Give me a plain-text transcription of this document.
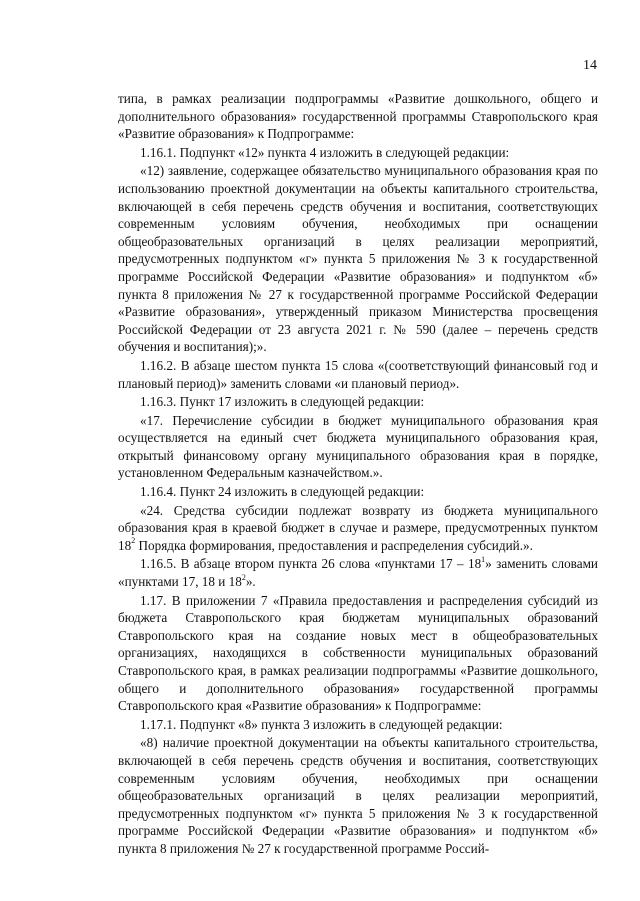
14

типа, в рамках реализации подпрограммы «Развитие дошкольного, общего и дополнительного образования» государственной программы Ставропольского края «Развитие образования» к Подпрограмме:

1.16.1. Подпункт «12» пункта 4 изложить в следующей редакции:

«12) заявление, содержащее обязательство муниципального образования края по использованию проектной документации на объекты капитального строительства, включающей в себя перечень средств обучения и воспитания, соответствующих современным условиям обучения, необходимых при оснащении общеобразовательных организаций в целях реализации мероприятий, предусмотренных подпунктом «г» пункта 5 приложения № 3 к государственной программе Российской Федерации «Развитие образования» и подпунктом «б» пункта 8 приложения № 27 к государственной программе Российской Федерации «Развитие образования», утвержденный приказом Министерства просвещения Российской Федерации от 23 августа 2021 г. № 590 (далее – перечень средств обучения и воспитания);».

1.16.2. В абзаце шестом пункта 15 слова «(соответствующий финансовый год и плановый период)» заменить словами «и плановый период».

1.16.3. Пункт 17 изложить в следующей редакции:

«17. Перечисление субсидии в бюджет муниципального образования края осуществляется на единый счет бюджета муниципального образования края, открытый финансовому органу муниципального образования края в порядке, установленном Федеральным казначейством.».

1.16.4. Пункт 24 изложить в следующей редакции:

«24. Средства субсидии подлежат возврату из бюджета муниципального образования края в краевой бюджет в случае и размере, предусмотренных пунктом $18^2$ Порядка формирования, предоставления и распределения субсидий.».

1.16.5. В абзаце втором пункта 26 слова «пунктами $17 - 18^1$» заменить словами «пунктами 17, 18 и $18^2$».

1.17. В приложении 7 «Правила предоставления и распределения субсидий из бюджета Ставропольского края бюджетам муниципальных образований Ставропольского края на создание новых мест в общеобразовательных организациях, находящихся в собственности муниципальных образований Ставропольского края, в рамках реализации подпрограммы «Развитие дошкольного, общего и дополнительного образования» государственной программы Ставропольского края «Развитие образования» к Подпрограмме:

1.17.1. Подпункт «8» пункта 3 изложить в следующей редакции:

«8) наличие проектной документации на объекты капитального строительства, включающей в себя перечень средств обучения и воспитания, соответствующих современным условиям обучения, необходимых при оснащении общеобразовательных организаций в целях реализации мероприятий, предусмотренных подпунктом «г» пункта 5 приложения № 3 к государственной программе Российской Федерации «Развитие образования» и подпунктом «б» пункта 8 приложения № 27 к государственной программе Россий-
